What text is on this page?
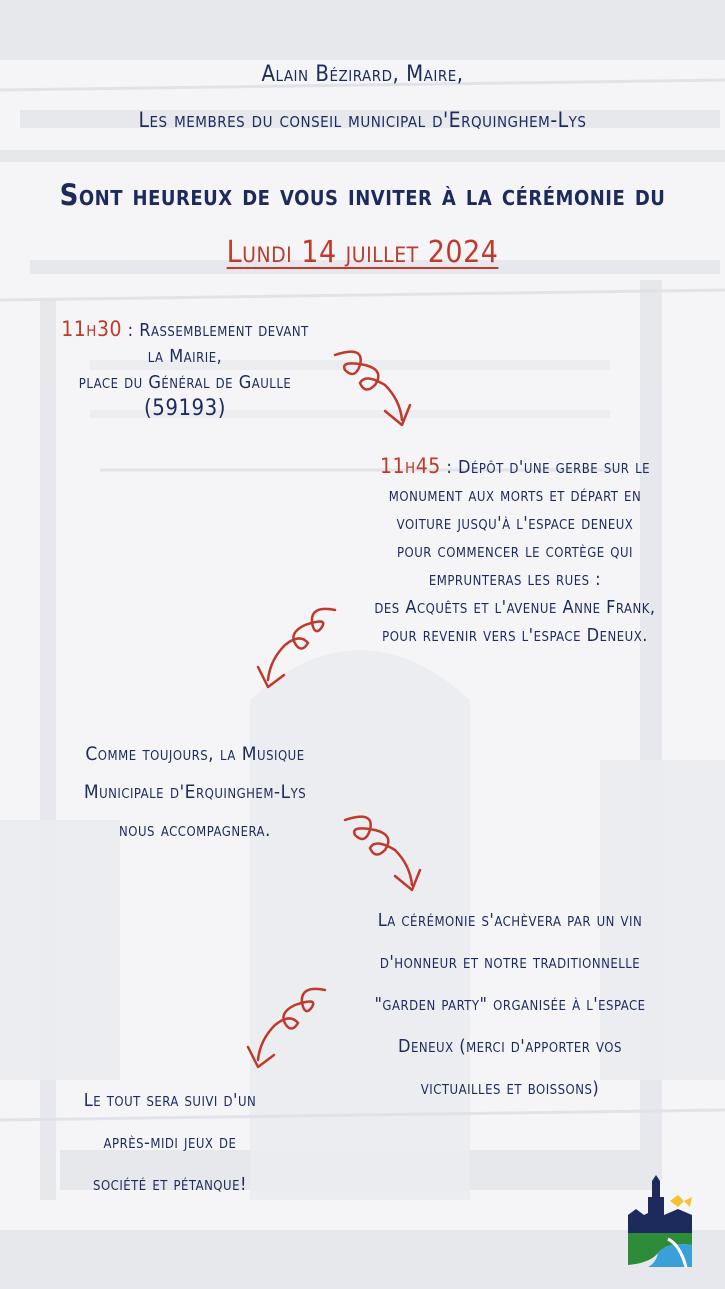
Alain Bézirard, Maire,
Les membres du conseil municipal d'Erquinghem-Lys
Sont heureux de vous inviter à la cérémonie du
Lundi 14 juillet 2024
11h30 : Rassemblement devant
la Mairie,
place du Général de Gaulle
(59193)
11h45 : Dépôt d'une gerbe sur le
monument aux morts et départ en
voiture jusqu'à l'espace deneux
pour commencer le cortège qui
emprunteras les rues :
des Acquêts et l'avenue Anne Frank,
pour revenir vers l'espace Deneux.
Comme toujours, la Musique
Municipale d'Erquinghem-Lys
nous accompagnera.
La cérémonie s'achèvera par un vin
d'honneur et notre traditionnelle
"garden party" organisée à l'espace
Deneux (merci d'apporter vos
victuailles et boissons)
Le tout sera suivi d'un
après-midi jeux de
société et pétanque!
